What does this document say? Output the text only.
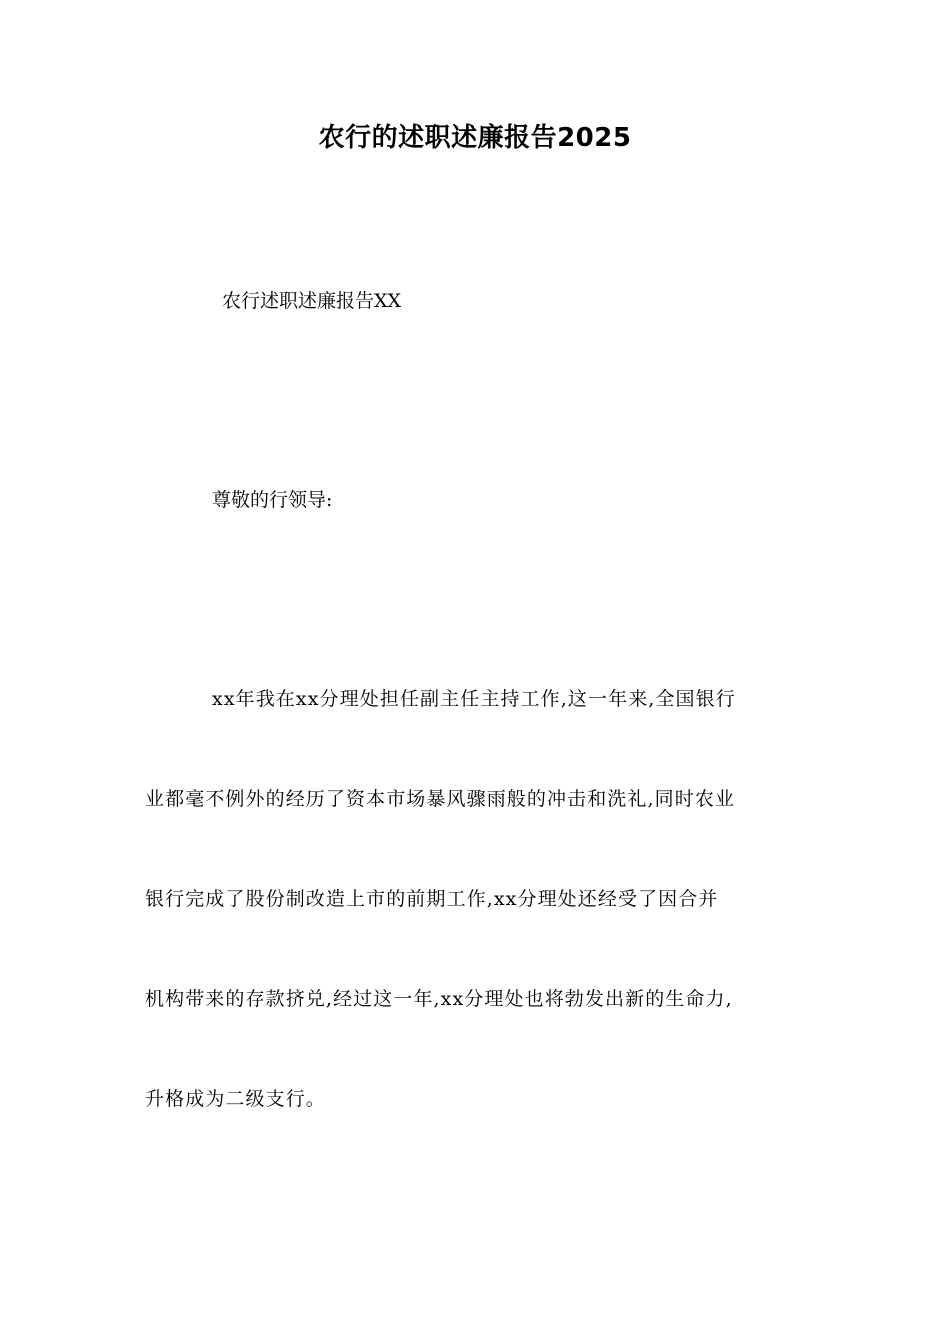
农行的述职述廉报告2025

农行述职述廉报告XX

尊敬的行领导:

xx年我在xx分理处担任副主任主持工作,这一年来,全国银行
业都毫不例外的经历了资本市场暴风骤雨般的冲击和洗礼,同时农业
银行完成了股份制改造上市的前期工作,xx分理处还经受了因合并
机构带来的存款挤兑,经过这一年,xx分理处也将勃发出新的生命力,
升格成为二级支行。
